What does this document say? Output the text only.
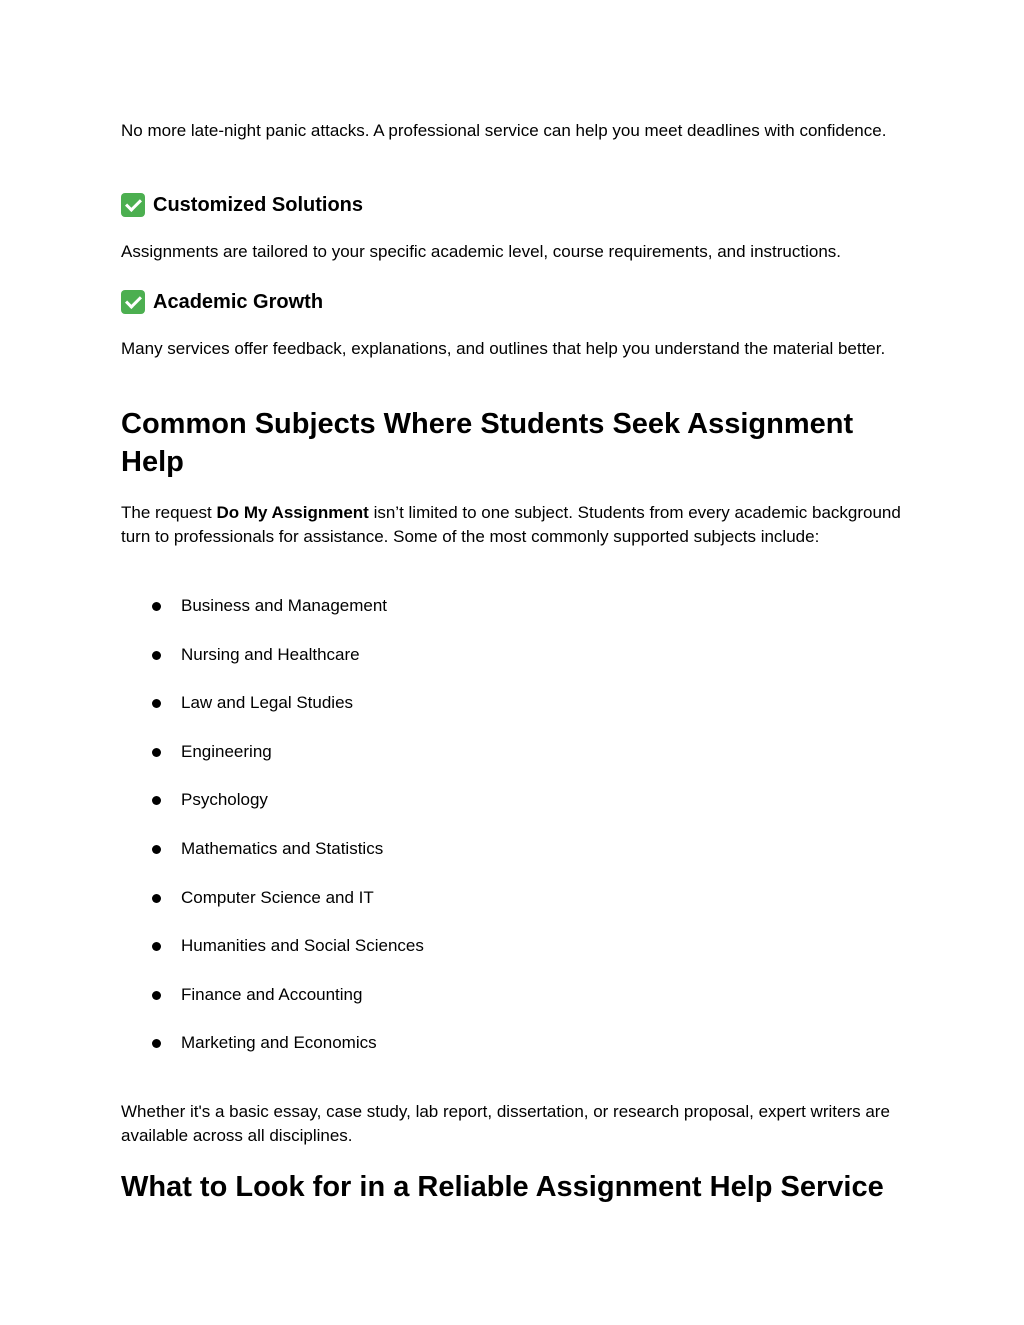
No more late-night panic attacks. A professional service can help you meet deadlines with confidence.

Customized Solutions

Assignments are tailored to your specific academic level, course requirements, and instructions.

Academic Growth

Many services offer feedback, explanations, and outlines that help you understand the material better.

Common Subjects Where Students Seek Assignment Help

The request Do My Assignment isn’t limited to one subject. Students from every academic background turn to professionals for assistance. Some of the most commonly supported subjects include:

Business and Management
Nursing and Healthcare
Law and Legal Studies
Engineering
Psychology
Mathematics and Statistics
Computer Science and IT
Humanities and Social Sciences
Finance and Accounting
Marketing and Economics

Whether it's a basic essay, case study, lab report, dissertation, or research proposal, expert writers are available across all disciplines.

What to Look for in a Reliable Assignment Help Service
